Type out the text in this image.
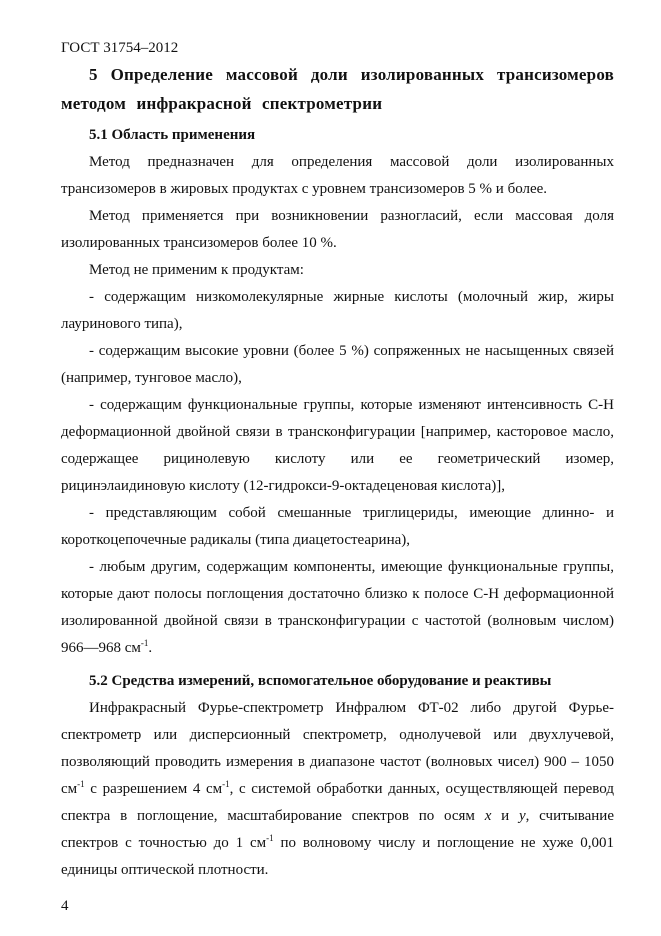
ГОСТ 31754–2012

5 Определение массовой доли изолированных трансизомеров методом инфракрасной спектрометрии

5.1 Область применения

Метод предназначен для определения массовой доли изолированных трансизомеров в жировых продуктах с уровнем трансизомеров 5 % и более.

Метод применяется при возникновении разногласий, если массовая доля изолированных трансизомеров более 10 %.

Метод не применим к продуктам:

- содержащим низкомолекулярные жирные кислоты (молочный жир, жиры лауринового типа),

- содержащим высокие уровни (более 5 %) сопряженных не насыщенных связей (например, тунговое масло),

- содержащим функциональные группы, которые изменяют интенсивность С-Н деформационной двойной связи в трансконфигурации [например, касторовое масло, содержащее рицинолевую кислоту или ее геометрический изомер, рицинэлаидиновую кислоту (12-гидрокси-9-октадеценовая кислота)],

- представляющим собой смешанные триглицериды, имеющие длинно- и короткоцепочечные радикалы (типа диацетостеарина),

- любым другим, содержащим компоненты, имеющие функциональные группы, которые дают полосы поглощения достаточно близко к полосе С-Н деформационной изолированной двойной связи в трансконфигурации с частотой (волновым числом) 966—968 $см^{-1}$.

5.2 Средства измерений, вспомогательное оборудование и реактивы

Инфракрасный Фурье-спектрометр Инфралюм ФТ-02 либо другой Фурье-спектрометр или дисперсионный спектрометр, однолучевой или двухлучевой, позволяющий проводить измерения в диапазоне частот (волновых чисел) 900 – 1050 $см^{-1}$ с разрешением 4 $см^{-1}$, с системой обработки данных, осуществляющей перевод спектра в поглощение, масштабирование спектров по осям x и y, считывание спектров с точностью до 1 $см^{-1}$ по волновому числу и поглощение не хуже 0,001 единицы оптической плотности.

4
